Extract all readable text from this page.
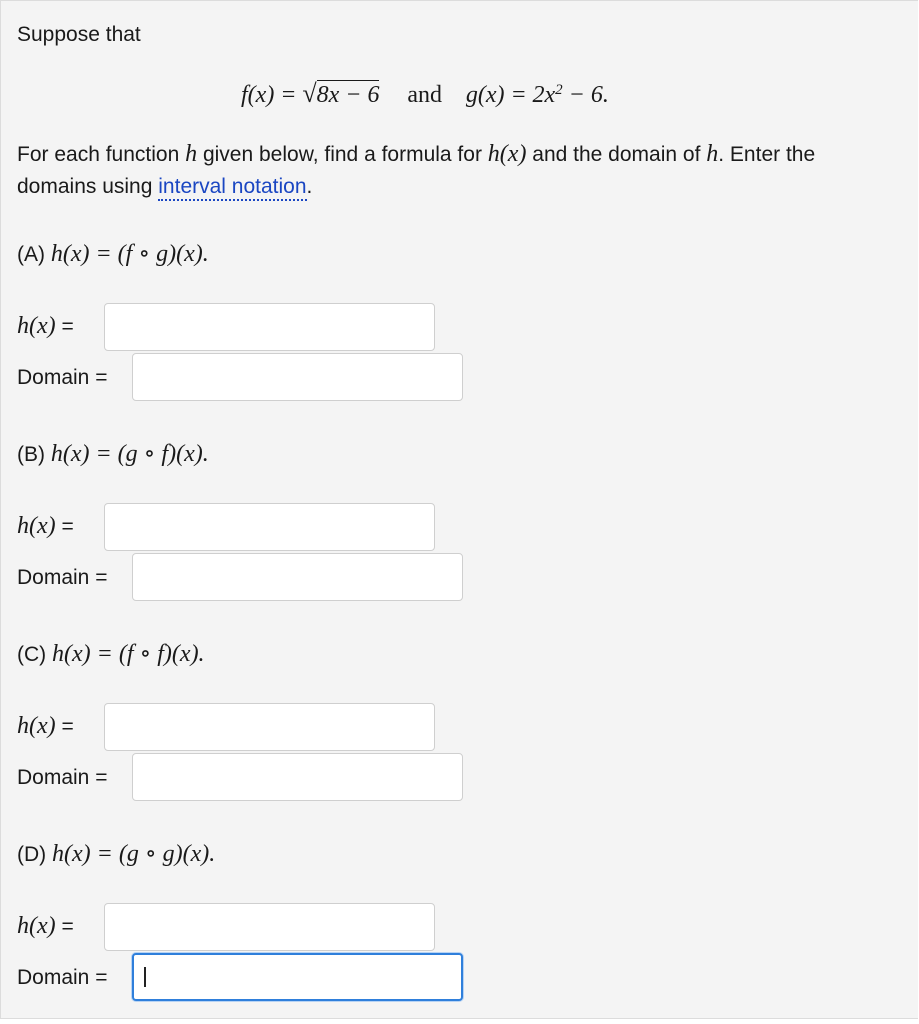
Suppose that
f(x) = √8x − 6 and $g(x) = 2x^2 - 6$.
For each function h given below, find a formula for h(x) and the domain of h. Enter the
domains using interval notation.
(A) h(x) = (f ∘ g)(x).
h(x) =
Domain =
(B) h(x) = (g ∘ f)(x).
h(x) =
Domain =
(C) h(x) = (f ∘ f)(x).
h(x) =
Domain =
(D) h(x) = (g ∘ g)(x).
h(x) =
Domain =
